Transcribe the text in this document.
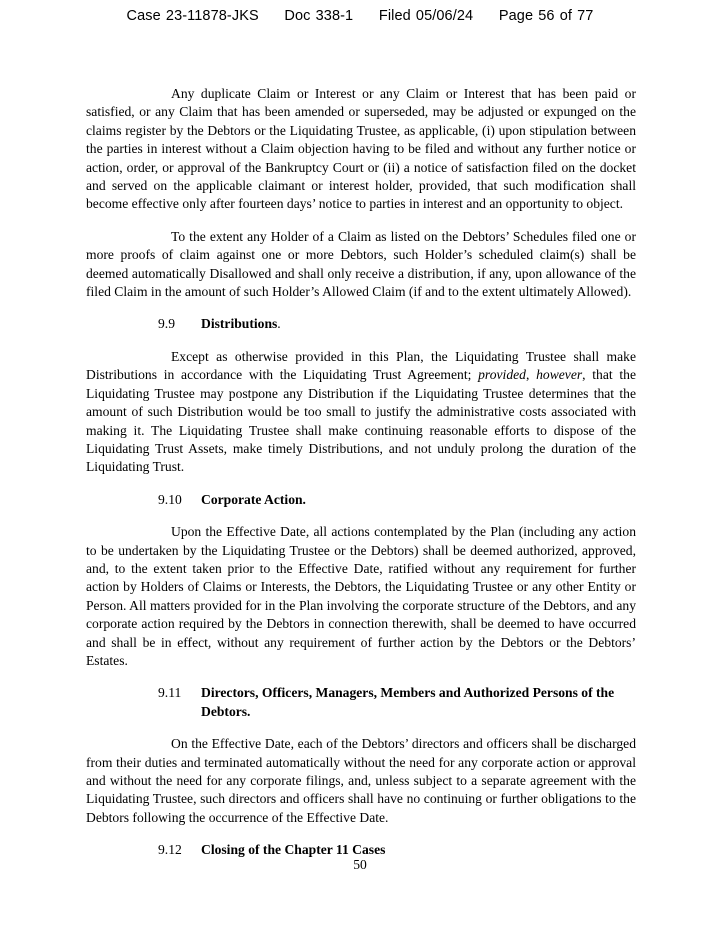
Case 23-11878-JKS Doc 338-1 Filed 05/06/24 Page 56 of 77

Any duplicate Claim or Interest or any Claim or Interest that has been paid or satisfied, or any Claim that has been amended or superseded, may be adjusted or expunged on the claims register by the Debtors or the Liquidating Trustee, as applicable, (i) upon stipulation between the parties in interest without a Claim objection having to be filed and without any further notice or action, order, or approval of the Bankruptcy Court or (ii) a notice of satisfaction filed on the docket and served on the applicable claimant or interest holder, provided, that such modification shall become effective only after fourteen days’ notice to parties in interest and an opportunity to object.

To the extent any Holder of a Claim as listed on the Debtors’ Schedules filed one or more proofs of claim against one or more Debtors, such Holder’s scheduled claim(s) shall be deemed automatically Disallowed and shall only receive a distribution, if any, upon allowance of the filed Claim in the amount of such Holder’s Allowed Claim (if and to the extent ultimately Allowed).

9.9	Distributions.

Except as otherwise provided in this Plan, the Liquidating Trustee shall make Distributions in accordance with the Liquidating Trust Agreement; provided, however, that the Liquidating Trustee may postpone any Distribution if the Liquidating Trustee determines that the amount of such Distribution would be too small to justify the administrative costs associated with making it. The Liquidating Trustee shall make continuing reasonable efforts to dispose of the Liquidating Trust Assets, make timely Distributions, and not unduly prolong the duration of the Liquidating Trust.

9.10	Corporate Action.

Upon the Effective Date, all actions contemplated by the Plan (including any action to be undertaken by the Liquidating Trustee or the Debtors) shall be deemed authorized, approved, and, to the extent taken prior to the Effective Date, ratified without any requirement for further action by Holders of Claims or Interests, the Debtors, the Liquidating Trustee or any other Entity or Person. All matters provided for in the Plan involving the corporate structure of the Debtors, and any corporate action required by the Debtors in connection therewith, shall be deemed to have occurred and shall be in effect, without any requirement of further action by the Debtors or the Debtors’ Estates.

9.11	Directors, Officers, Managers, Members and Authorized Persons of the Debtors.

On the Effective Date, each of the Debtors’ directors and officers shall be discharged from their duties and terminated automatically without the need for any corporate action or approval and without the need for any corporate filings, and, unless subject to a separate agreement with the Liquidating Trustee, such directors and officers shall have no continuing or further obligations to the Debtors following the occurrence of the Effective Date.

9.12	Closing of the Chapter 11 Cases
50
